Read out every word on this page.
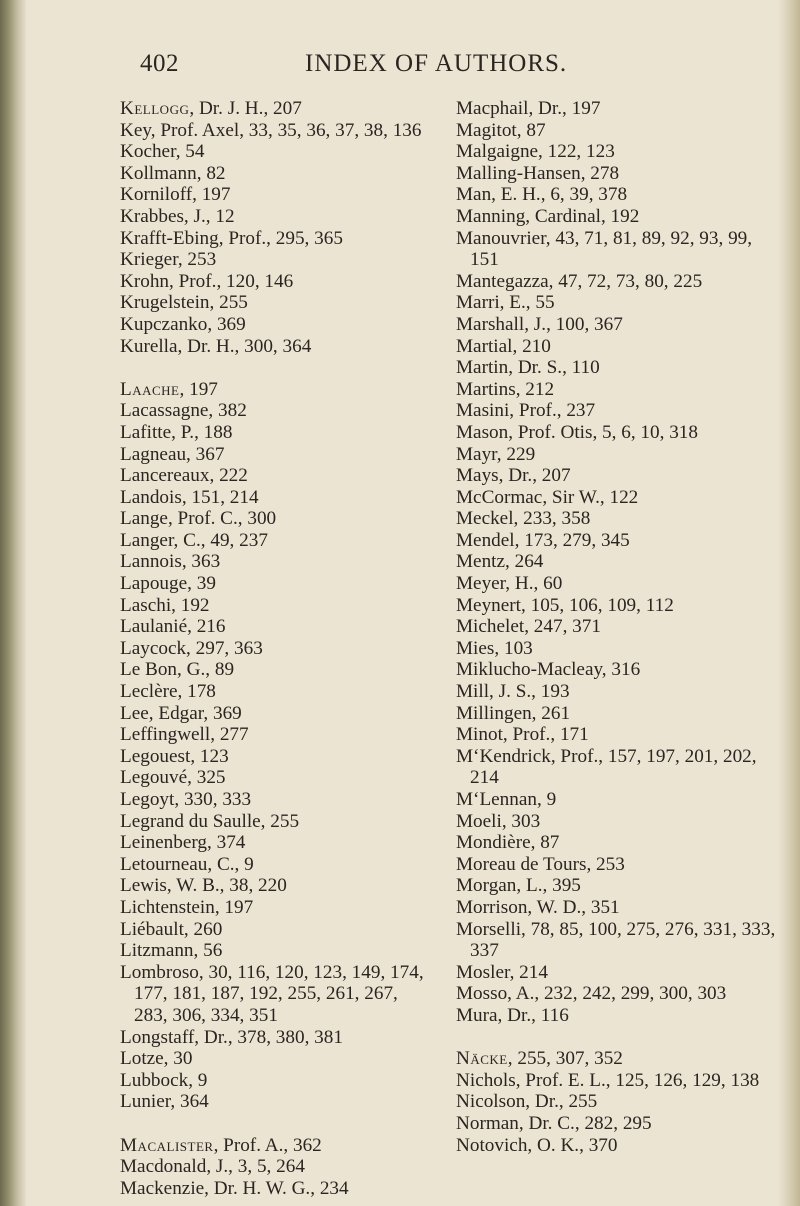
402	INDEX OF AUTHORS.

Kellogg, Dr. J. H., 207

Key, Prof. Axel, 33, 35, 36, 37, 38, 136

Kocher, 54

Kollmann, 82

Korniloff, 197

Krabbes, J., 12

Krafft-Ebing, Prof., 295, 365

Krieger, 253

Krohn, Prof., 120, 146

Krugelstein, 255

Kupczanko, 369

Kurella, Dr. H., 300, 364

Laache, 197

Lacassagne, 382

Lafitte, P., 188

Lagneau, 367

Lancereaux, 222

Landois, 151, 214

Lange, Prof. C., 300

Langer, C., 49, 237

Lannois, 363

Lapouge, 39

Laschi, 192

Laulanié, 216

Laycock, 297, 363

Le Bon, G., 89

Leclère, 178

Lee, Edgar, 369

Leffingwell, 277

Legouest, 123

Legouvé, 325

Legoyt, 330, 333

Legrand du Saulle, 255

Leinenberg, 374

Letourneau, C., 9

Lewis, W. B., 38, 220

Lichtenstein, 197

Liébault, 260

Litzmann, 56

Lombroso, 30, 116, 120, 123, 149, 174, 177, 181, 187, 192, 255, 261, 267, 283, 306, 334, 351

Longstaff, Dr., 378, 380, 381

Lotze, 30

Lubbock, 9

Lunier, 364

Macalister, Prof. A., 362

Macdonald, J., 3, 5, 264

Mackenzie, Dr. H. W. G., 234

Macphail, Dr., 197

Magitot, 87

Malgaigne, 122, 123

Malling-Hansen, 278

Man, E. H., 6, 39, 378

Manning, Cardinal, 192

Manouvrier, 43, 71, 81, 89, 92, 93, 99, 151

Mantegazza, 47, 72, 73, 80, 225

Marri, E., 55

Marshall, J., 100, 367

Martial, 210

Martin, Dr. S., 110

Martins, 212

Masini, Prof., 237

Mason, Prof. Otis, 5, 6, 10, 318

Mayr, 229

Mays, Dr., 207

McCormac, Sir W., 122

Meckel, 233, 358

Mendel, 173, 279, 345

Mentz, 264

Meyer, H., 60

Meynert, 105, 106, 109, 112

Michelet, 247, 371

Mies, 103

Miklucho-Macleay, 316

Mill, J. S., 193

Millingen, 261

Minot, Prof., 171

M‘Kendrick, Prof., 157, 197, 201, 202, 214

M‘Lennan, 9

Moeli, 303

Mondière, 87

Moreau de Tours, 253

Morgan, L., 395

Morrison, W. D., 351

Morselli, 78, 85, 100, 275, 276, 331, 333, 337

Mosler, 214

Mosso, A., 232, 242, 299, 300, 303

Mura, Dr., 116

Näcke, 255, 307, 352

Nichols, Prof. E. L., 125, 126, 129, 138

Nicolson, Dr., 255

Norman, Dr. C., 282, 295

Notovich, O. K., 370
